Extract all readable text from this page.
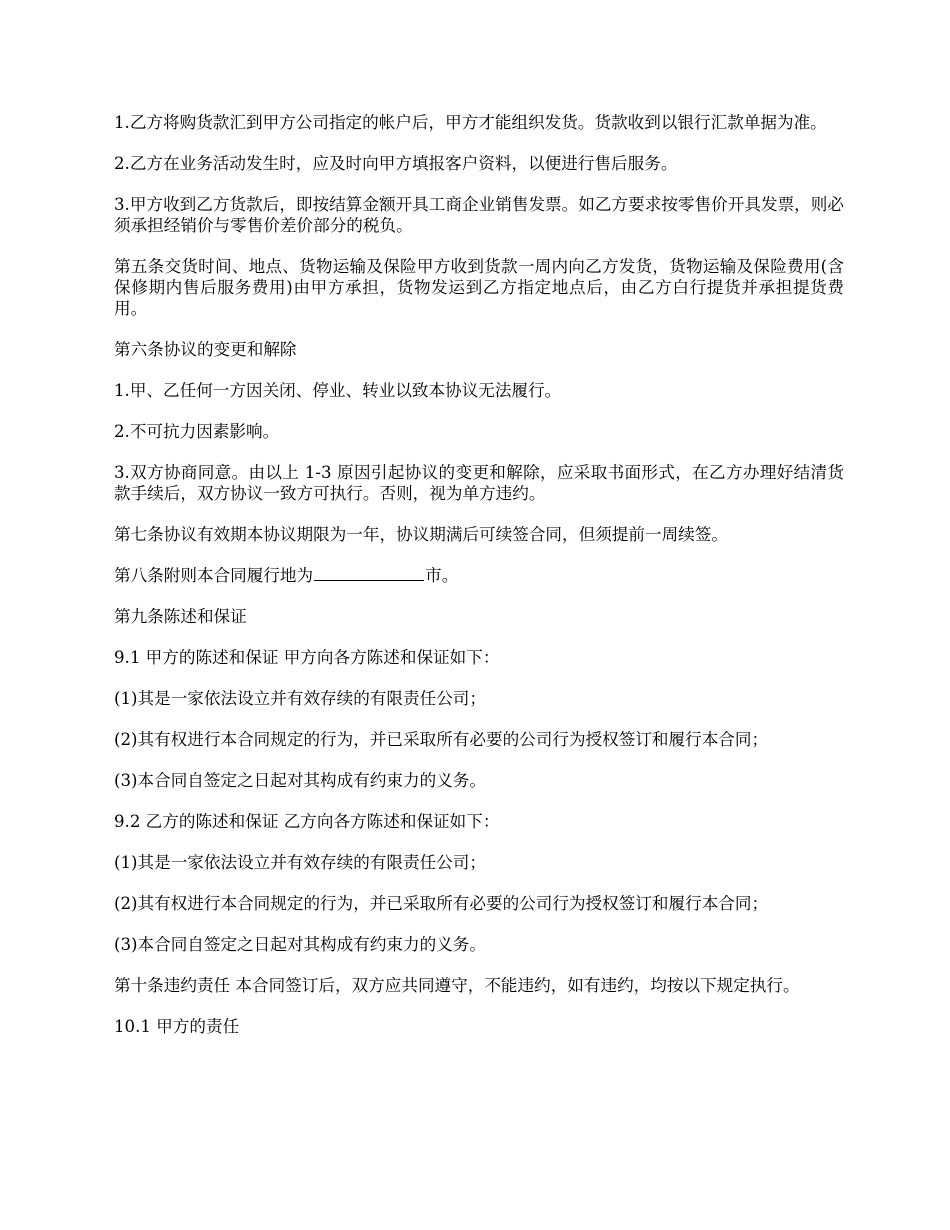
1.乙方将购货款汇到甲方公司指定的帐户后，甲方才能组织发货。货款收到以银行汇款单据为准。

2.乙方在业务活动发生时，应及时向甲方填报客户资料，以便进行售后服务。

3.甲方收到乙方货款后，即按结算金额开具工商企业销售发票。如乙方要求按零售价开具发票，则必须承担经销价与零售价差价部分的税负。

第五条交货时间、地点、货物运输及保险甲方收到货款一周内向乙方发货，货物运输及保险费用(含保修期内售后服务费用)由甲方承担，货物发运到乙方指定地点后，由乙方白行提货并承担提货费用。

第六条协议的变更和解除

1.甲、乙任何一方因关闭、停业、转业以致本协议无法履行。

2.不可抗力因素影响。

3.双方协商同意。由以上 1-3 原因引起协议的变更和解除，应采取书面形式，在乙方办理好结清货款手续后，双方协议一致方可执行。否则，视为单方违约。

第七条协议有效期本协议期限为一年，协议期满后可续签合同，但须提前一周续签。

第八条附则本合同履行地为	市。

第九条陈述和保证

9.1 甲方的陈述和保证 甲方向各方陈述和保证如下：

(1)其是一家依法设立并有效存续的有限责任公司；

(2)其有权进行本合同规定的行为，并已采取所有必要的公司行为授权签订和履行本合同；

(3)本合同自签定之日起对其构成有约束力的义务。

9.2 乙方的陈述和保证 乙方向各方陈述和保证如下：

(1)其是一家依法设立并有效存续的有限责任公司；

(2)其有权进行本合同规定的行为，并已采取所有必要的公司行为授权签订和履行本合同；

(3)本合同自签定之日起对其构成有约束力的义务。

第十条违约责任 本合同签订后，双方应共同遵守，不能违约，如有违约，均按以下规定执行。

10.1 甲方的责任
